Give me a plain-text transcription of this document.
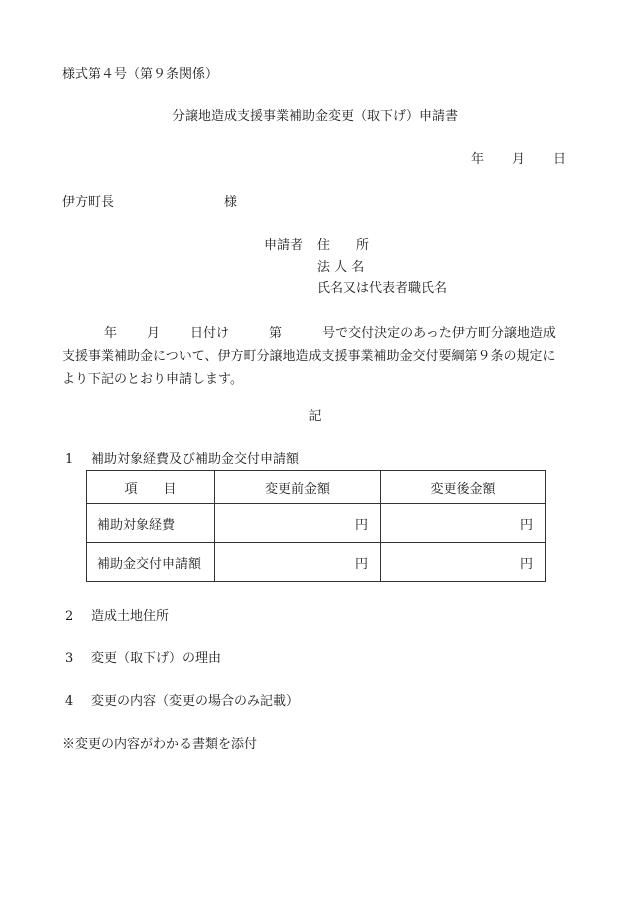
様式第４号（第９条関係）
分譲地造成支援事業補助金変更（取下げ）申請書
年 月 日
伊方町長	様
申請者 住　　所
法 人 名
氏名又は代表者職氏名
年 月 日付け	第	号で交付決定のあった伊方町分譲地造成
支援事業補助金について、伊方町分譲地造成支援事業補助金交付要綱第９条の規定に
より下記のとおり申請します。
記
1 補助対象経費及び補助金交付申請額
項　　目	変更前金額	変更後金額
補助対象経費	円	円
補助金交付申請額	円	円
2 造成土地住所
3 変更（取下げ）の理由
4 変更の内容（変更の場合のみ記載）
※変更の内容がわかる書類を添付
